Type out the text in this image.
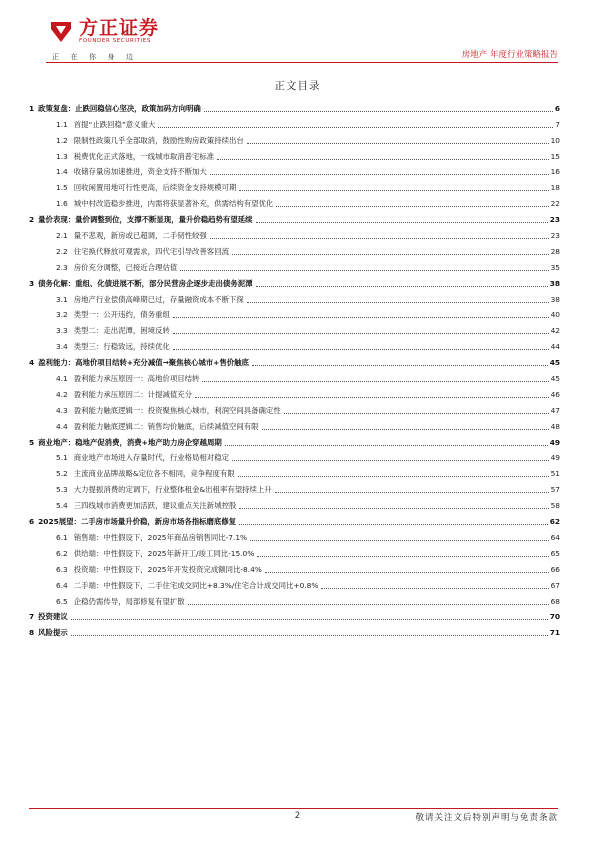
方正证券
FOUNDER SECURITIES
正在你身边	房地产 年度行业策略报告
正文目录
1 政策复盘：止跌回稳信心坚决，政策加码方向明确	6
1.1 首提“止跌回稳”意义重大	7
1.2 限制性政策几乎全部取消，鼓励性购房政策持续出台	10
1.3 税费优化正式落地，一线城市取消普宅标准	15
1.4 收储存量房加速推进，资金支持不断加大	16
1.5 回收闲置用地可行性更高，后续资金支持规模可期	18
1.6 城中村改造稳步推进，内需将获显著补充，供需结构有望优化	22
2 量价表现：量价调整到位，支撑不断显现，量升价稳趋势有望延续	23
2.1 量不悲观，新房或已超调，二手韧性较强	23
2.2 住宅换代释放可观需求，四代宅引导改善客回流	28
2.3 房价充分调整，已接近合理估值	35
3 债务化解：重组、化债进展不断，部分民营房企逐步走出债务泥潭	38
3.1 房地产行业偿债高峰期已过，存量融资成本不断下探	38
3.2 类型一：公开违约，债务重组	40
3.3 类型二：走出泥潭，困境反转	42
3.4 类型三：行稳致远，持续优化	44
4 盈利能力：高地价项目结转+充分减值→聚焦核心城市+售价触底	45
4.1 盈利能力承压原因一：高地价项目结转	45
4.2 盈利能力承压原因二：计提减值充分	46
4.3 盈利能力触底逻辑一：投资聚焦核心城市，利润空间具备确定性	47
4.4 盈利能力触底逻辑二：销售均价触底，后续减值空间有限	48
5 商业地产：稳地产促消费，消费+地产助力房企穿越周期	49
5.1 商业地产市场进入存量时代，行业格局相对稳定	49
5.2 主流商业品牌战略&定位各不相同，竞争程度有限	51
5.3 大力提振消费的定调下，行业整体租金&出租率有望持续上升	57
5.4 三四线城市消费更加活跃，建议重点关注新城控股	58
6 2025展望：二手房市场量升价稳，新房市场各指标磨底修复	62
6.1 销售端：中性假设下，2025年商品房销售同比-7.1%	64
6.2 供给端：中性假设下，2025年新开工/竣工同比-15.0%	65
6.3 投资端：中性假设下，2025年开发投资完成额同比-8.4%	66
6.4 二手端：中性假设下，二手住宅成交同比+8.3%/住宅合计成交同比+0.8%	67
6.5 企稳仍需传导，局部修复有望扩散	68
7 投资建议	70
8 风险提示	71
2	敬请关注文后特别声明与免责条款
